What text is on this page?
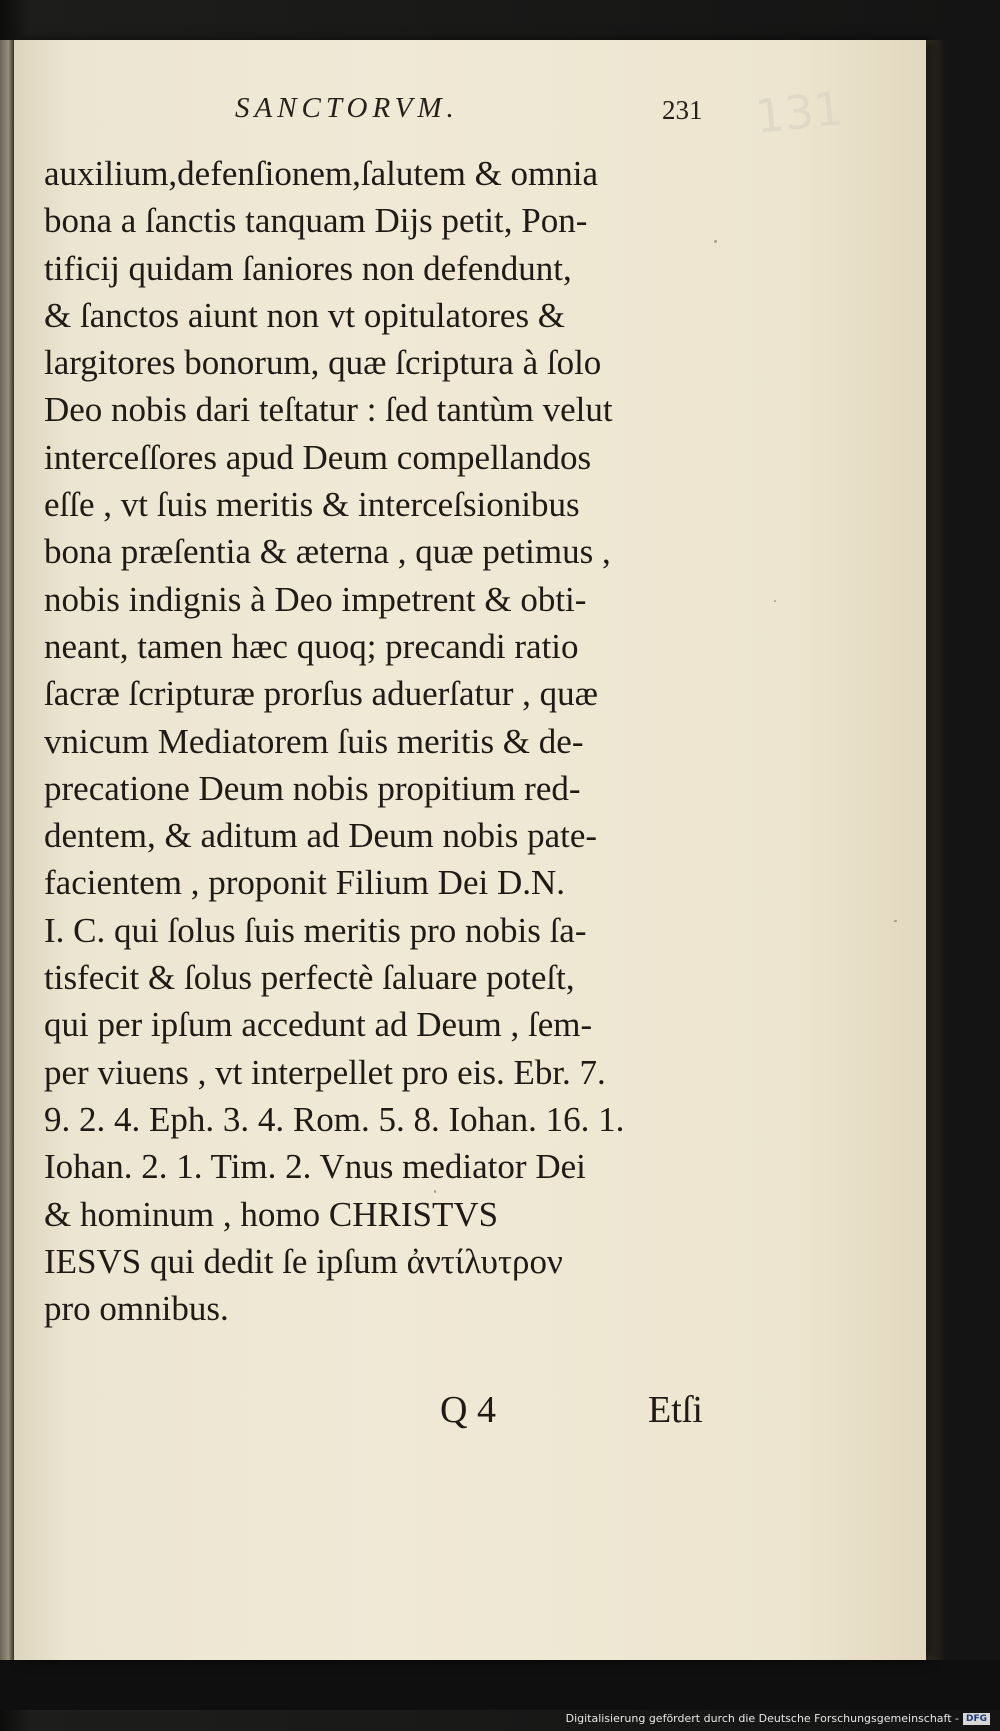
131
SANCTORVM.	231
auxilium,defenſionem,ſalutem & omnia
bona a ſanctis tanquam Dijs petit, Pon-
tificij quidam ſaniores non defendunt,
& ſanctos aiunt non vt opitulatores &
largitores bonorum, quæ ſcriptura à ſolo
Deo nobis dari teſtatur : ſed tantùm velut
interceſſores apud Deum compellandos
eſſe , vt ſuis meritis & interceſsionibus
bona præſentia & æterna , quæ petimus ,
nobis indignis à Deo impetrent & obti-
neant, tamen hæc quoq; precandi ratio
ſacræ ſcripturæ prorſus aduerſatur , quæ
vnicum Mediatorem ſuis meritis & de-
precatione Deum nobis propitium red-
dentem, & aditum ad Deum nobis pate-
facientem , proponit Filium Dei D.N.
I. C. qui ſolus ſuis meritis pro nobis ſa-
tisfecit & ſolus perfectè ſaluare poteſt,
qui per ipſum accedunt ad Deum , ſem-
per viuens , vt interpellet pro eis. Ebr. 7.
9. 2. 4. Eph. 3. 4. Rom. 5. 8. Iohan. 16. 1.
Iohan. 2. 1. Tim. 2. Vnus mediator Dei
& hominum , homo CHRISTVS
IESVS qui dedit ſe ipſum ἀντίλυτρον
pro omnibus.
Q 4	Etſi
Digitalisierung gefördert durch die Deutsche Forschungsgemeinschaft - DFG
